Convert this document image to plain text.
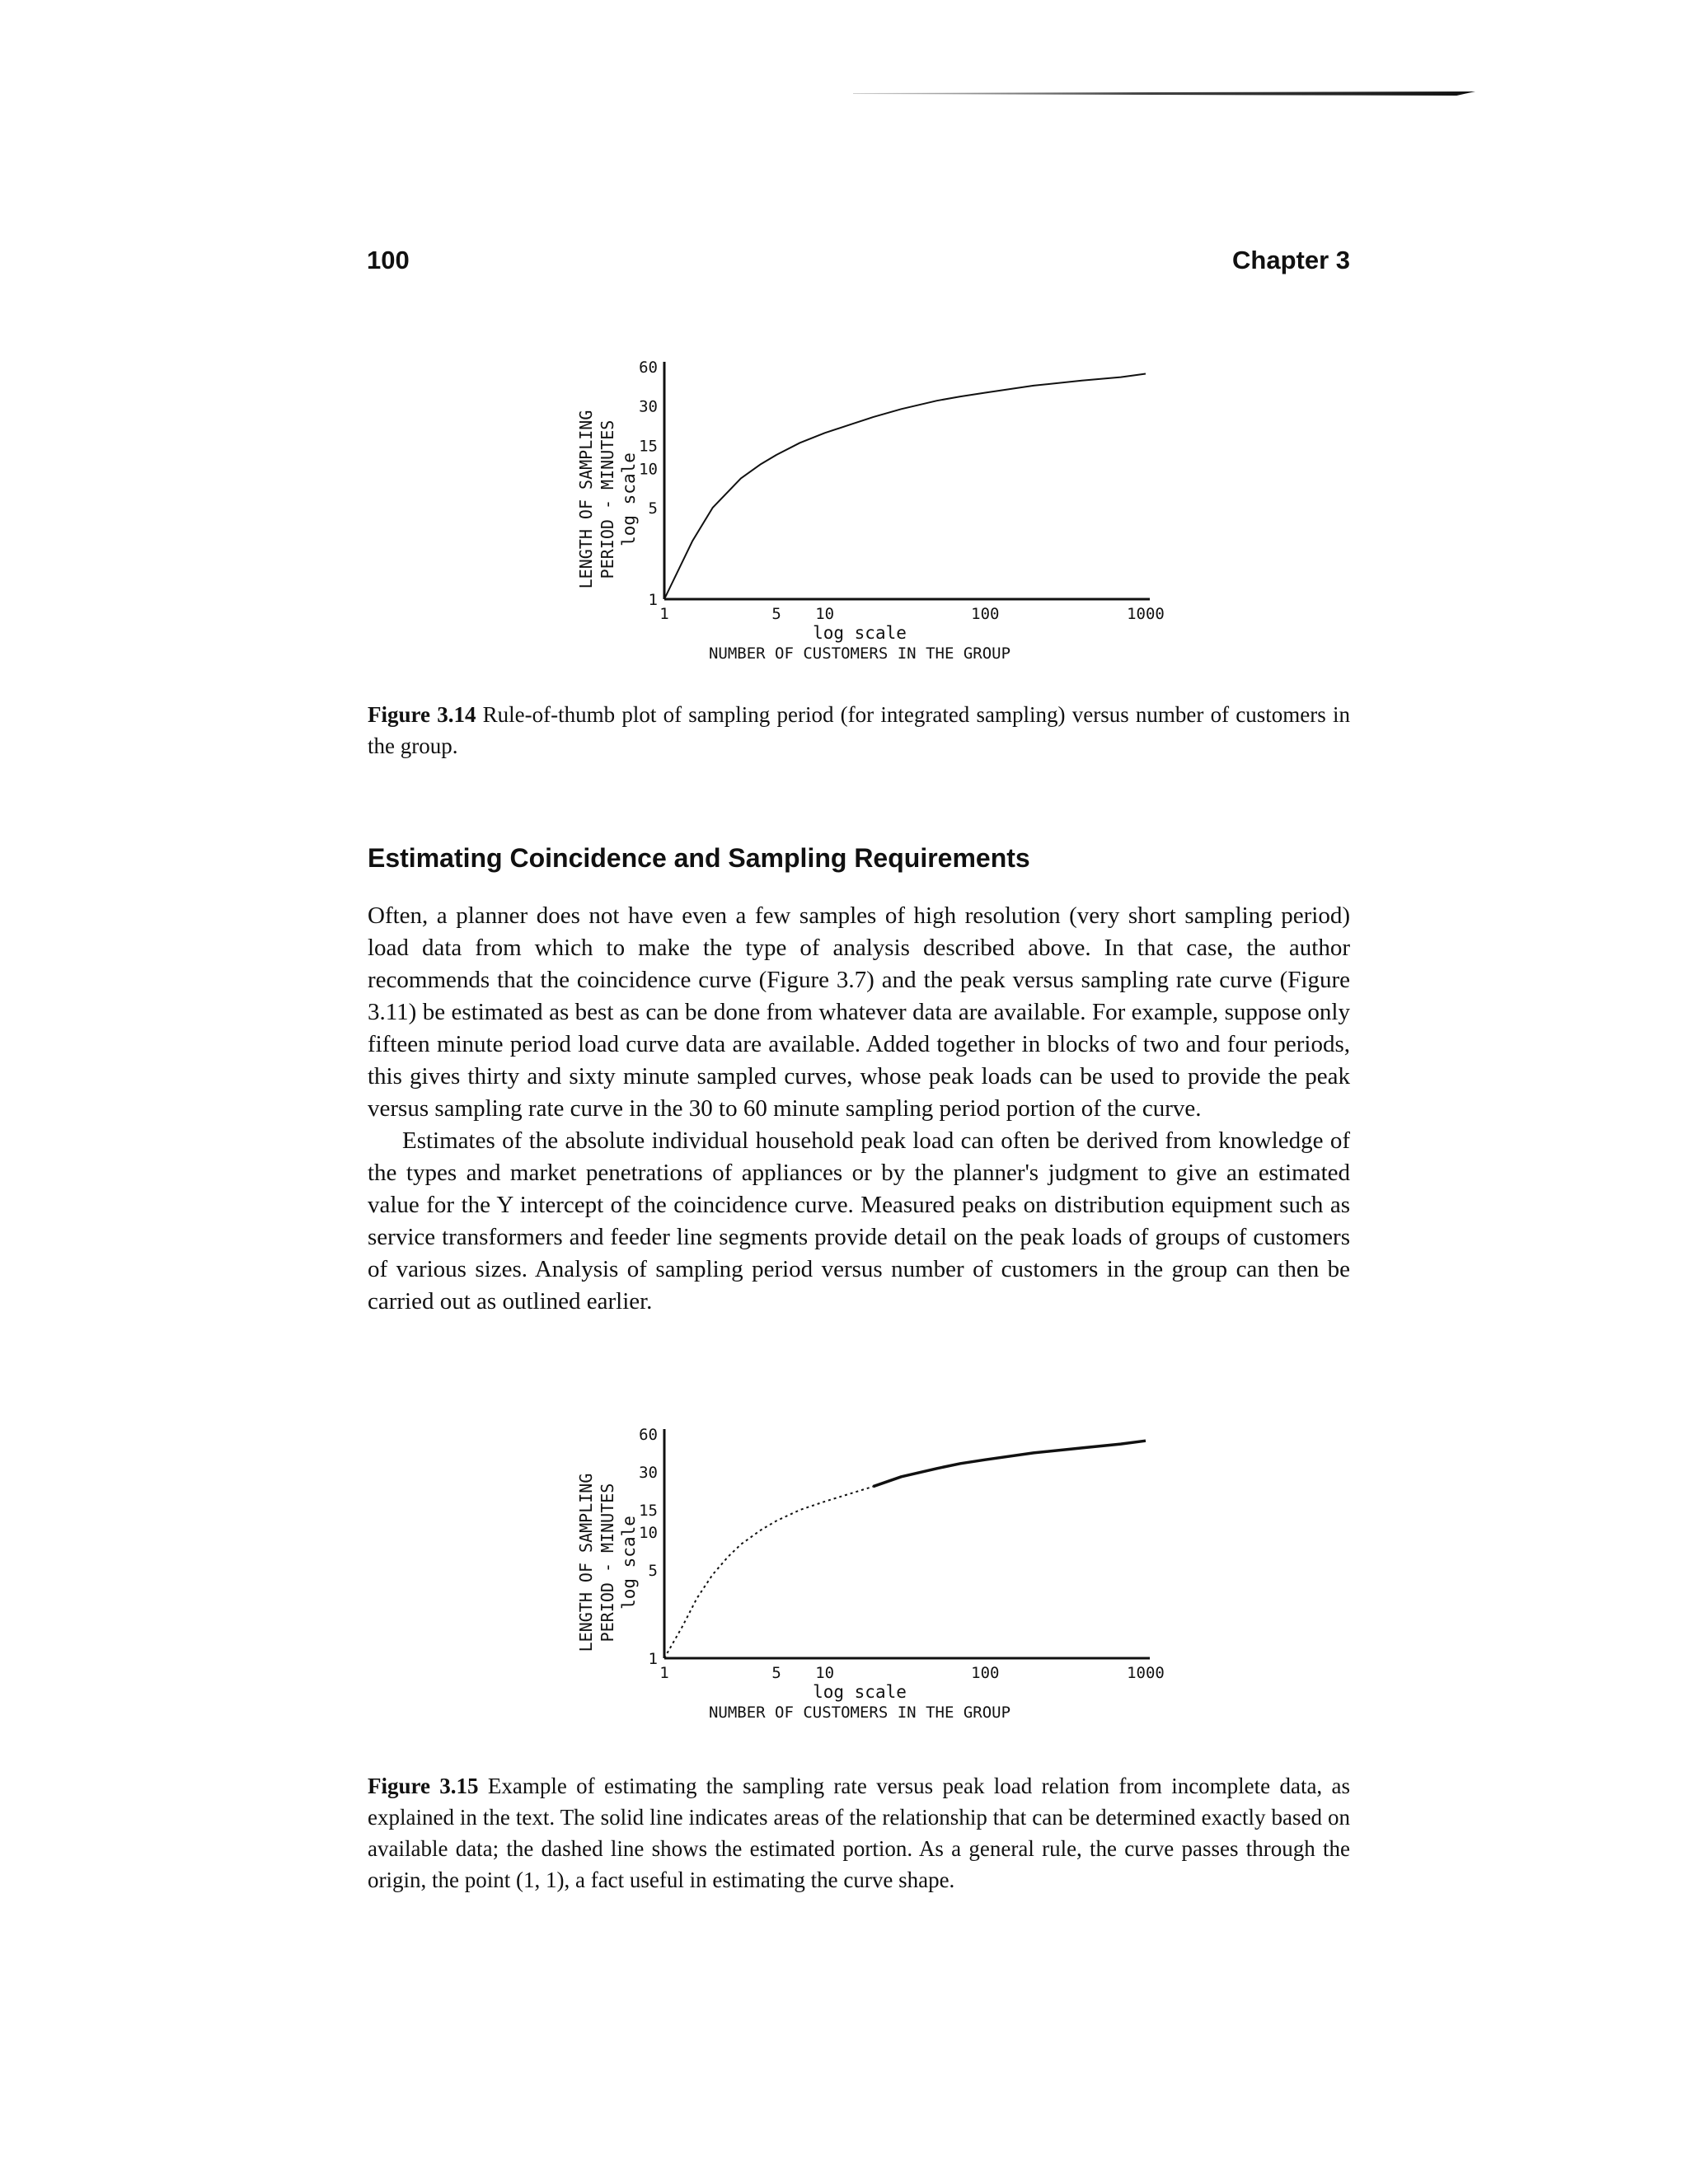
100	Chapter 3
1
5
10
15
30
60
1	5 10	100	1000
log scale
NUMBER OF CUSTOMERS IN THE GROUP
LENGTH OF SAMPLING PERIOD - MINUTES log scale
Figure 3.14 Rule-of-thumb plot of sampling period (for integrated sampling) versus number of customers in the group.
Estimating Coincidence and Sampling Requirements

Often, a planner does not have even a few samples of high resolution (very short sampling period) load data from which to make the type of analysis described above. In that case, the author recommends that the coincidence curve (Figure 3.7) and the peak versus sampling rate curve (Figure 3.11) be estimated as best as can be done from whatever data are available. For example, suppose only fifteen minute period load curve data are available. Added together in blocks of two and four periods, this gives thirty and sixty minute sampled curves, whose peak loads can be used to provide the peak versus sampling rate curve in the 30 to 60 minute sampling period portion of the curve.

Estimates of the absolute individual household peak load can often be derived from knowledge of the types and market penetrations of appliances or by the planner's judgment to give an estimated value for the Y intercept of the coincidence curve. Measured peaks on distribution equipment such as service transformers and feeder line segments provide detail on the peak loads of groups of customers of various sizes. Analysis of sampling period versus number of customers in the group can then be carried out as outlined earlier.

1
5
10
15
30
60
1	5 10	100	1000
log scale
NUMBER OF CUSTOMERS IN THE GROUP
LENGTH OF SAMPLING PERIOD - MINUTES log scale
Figure 3.15 Example of estimating the sampling rate versus peak load relation from incomplete data, as explained in the text. The solid line indicates areas of the relationship that can be determined exactly based on available data; the dashed line shows the estimated portion. As a general rule, the curve passes through the origin, the point (1, 1), a fact useful in estimating the curve shape.
